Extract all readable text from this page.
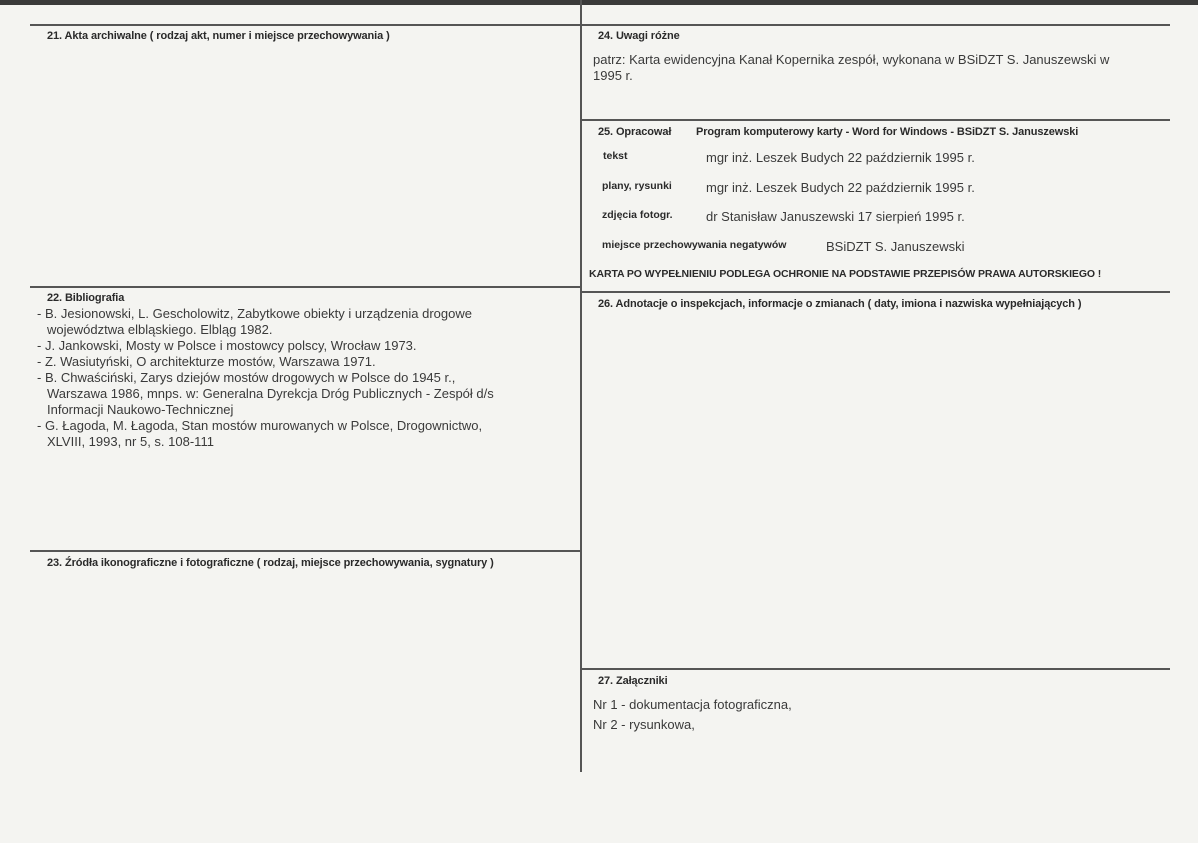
21. Akta archiwalne ( rodzaj akt, numer i miejsce przechowywania )
22. Bibliografia
- B. Jesionowski, L. Gescholowitz, Zabytkowe obiekty i urządzenia drogowe
województwa elbląskiego. Elbląg 1982.
- J. Jankowski, Mosty w Polsce i mostowcy polscy, Wrocław 1973.
- Z. Wasiutyński, O architekturze mostów, Warszawa 1971.
- B. Chwaściński, Zarys dziejów mostów drogowych w Polsce do 1945 r.,
Warszawa 1986, mnps. w: Generalna Dyrekcja Dróg Publicznych - Zespół d/s
Informacji Naukowo-Technicznej
- G. Łagoda, M. Łagoda, Stan mostów murowanych w Polsce, Drogownictwo,
XLVIII, 1993, nr 5, s. 108-111
23. Źródła ikonograficzne i fotograficzne ( rodzaj, miejsce przechowywania, sygnatury )
24. Uwagi różne
patrz: Karta ewidencyjna Kanał Kopernika zespół, wykonana w BSiDZT S. Januszewski w
1995 r.
25. Opracował Program komputerowy karty - Word for Windows - BSiDZT S. Januszewski
tekst	mgr inż. Leszek Budych 22 październik 1995 r.
plany, rysunki	mgr inż. Leszek Budych 22 październik 1995 r.
zdjęcia fotogr.	dr Stanisław Januszewski 17 sierpień 1995 r.
miejsce przechowywania negatywów	BSiDZT S. Januszewski
KARTA PO WYPEŁNIENIU PODLEGA OCHRONIE NA PODSTAWIE PRZEPISÓW PRAWA AUTORSKIEGO !
26. Adnotacje o inspekcjach, informacje o zmianach ( daty, imiona i nazwiska wypełniających )
27. Załączniki
Nr 1 - dokumentacja fotograficzna,
Nr 2 - rysunkowa,
